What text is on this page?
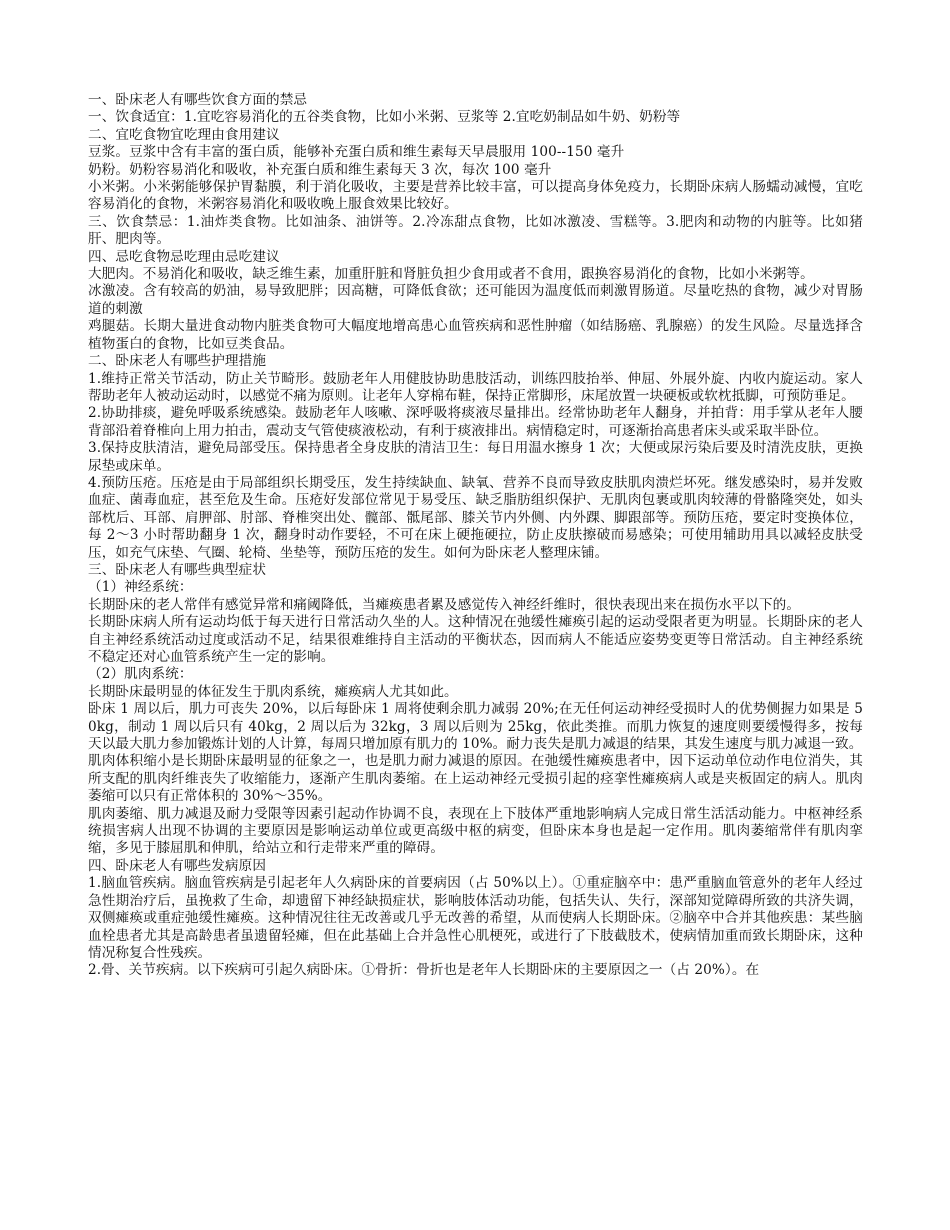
一、卧床老人有哪些饮食方面的禁忌

一、饮食适宜：1.宜吃容易消化的五谷类食物，比如小米粥、豆浆等 2.宜吃奶制品如牛奶、奶粉等

二、宜吃食物宜吃理由食用建议

豆浆。豆浆中含有丰富的蛋白质，能够补充蛋白质和维生素每天早晨服用 100--150 毫升

奶粉。奶粉容易消化和吸收，补充蛋白质和维生素每天 3 次，每次 100 毫升

小米粥。小米粥能够保护胃黏膜，利于消化吸收，主要是营养比较丰富，可以提高身体免疫力，长期卧床病人肠蠕动减慢，宜吃容易消化的食物，米粥容易消化和吸收晚上服食效果比较好。

三、饮食禁忌：1.油炸类食物。比如油条、油饼等。2.冷冻甜点食物，比如冰激凌、雪糕等。3.肥肉和动物的内脏等。比如猪肝、肥肉等。

四、忌吃食物忌吃理由忌吃建议

大肥肉。不易消化和吸收，缺乏维生素，加重肝脏和肾脏负担少食用或者不食用，跟换容易消化的食物，比如小米粥等。

冰激凌。含有较高的奶油，易导致肥胖；因高糖，可降低食欲；还可能因为温度低而刺激胃肠道。尽量吃热的食物，减少对胃肠道的刺激

鸡腿菇。长期大量进食动物内脏类食物可大幅度地增高患心血管疾病和恶性肿瘤（如结肠癌、乳腺癌）的发生风险。尽量选择含植物蛋白的食物，比如豆类食品。

二、卧床老人有哪些护理措施

1.维持正常关节活动，防止关节畸形。鼓励老年人用健肢协助患肢活动，训练四肢抬举、伸屈、外展外旋、内收内旋运动。家人帮助老年人被动运动时，以感觉不痛为原则。让老年人穿棉布鞋，保持正常脚形，床尾放置一块硬板或软枕抵脚，可预防垂足。

2.协助排痰，避免呼吸系统感染。鼓励老年人咳嗽、深呼吸将痰液尽量排出。经常协助老年人翻身，并拍背：用手掌从老年人腰背部沿着脊椎向上用力拍击，震动支气管使痰液松动，有利于痰液排出。病情稳定时，可逐渐抬高患者床头或采取半卧位。

3.保持皮肤清洁，避免局部受压。保持患者全身皮肤的清洁卫生：每日用温水擦身 1 次；大便或尿污染后要及时清洗皮肤，更换尿垫或床单。

4.预防压疮。压疮是由于局部组织长期受压，发生持续缺血、缺氧、营养不良而导致皮肤肌肉溃烂坏死。继发感染时，易并发败血症、菌毒血症，甚至危及生命。压疮好发部位常见于易受压、缺乏脂肪组织保护、无肌肉包裹或肌肉较薄的骨骼隆突处，如头部枕后、耳部、肩胛部、肘部、脊椎突出处、髋部、骶尾部、膝关节内外侧、内外踝、脚跟部等。预防压疮，要定时变换体位，每 2～3 小时帮助翻身 1 次，翻身时动作要轻，不可在床上硬拖硬拉，防止皮肤擦破而易感染；可使用辅助用具以减轻皮肤受压，如充气床垫、气圈、轮椅、坐垫等，预防压疮的发生。如何为卧床老人整理床铺。

三、卧床老人有哪些典型症状

（1）神经系统：

长期卧床的老人常伴有感觉异常和痛阈降低，当瘫痪患者累及感觉传入神经纤维时，很快表现出来在损伤水平以下的。

长期卧床病人所有运动均低于每天进行日常活动久坐的人。这种情况在弛缓性瘫痪引起的运动受限者更为明显。长期卧床的老人自主神经系统活动过度或活动不足，结果很难维持自主活动的平衡状态，因而病人不能适应姿势变更等日常活动。自主神经系统不稳定还对心血管系统产生一定的影响。

（2）肌肉系统：

长期卧床最明显的体征发生于肌肉系统，瘫痪病人尤其如此。

卧床 1 周以后，肌力可丧失 20%，以后每卧床 1 周将使剩余肌力减弱 20%;在无任何运动神经受损时人的优势侧握力如果是 50kg，制动 1 周以后只有 40kg，2 周以后为 32kg，3 周以后则为 25kg，依此类推。而肌力恢复的速度则要缓慢得多，按每天以最大肌力参加锻炼计划的人计算，每周只增加原有肌力的 10%。耐力丧失是肌力减退的结果，其发生速度与肌力减退一致。

肌肉体积缩小是长期卧床最明显的征象之一，也是肌力耐力减退的原因。在弛缓性瘫痪患者中，因下运动单位动作电位消失，其所支配的肌肉纤维丧失了收缩能力，逐渐产生肌肉萎缩。在上运动神经元受损引起的痉挛性瘫痪病人或是夹板固定的病人。肌肉萎缩可以只有正常体积的 30%～35%。

肌肉萎缩、肌力减退及耐力受限等因素引起动作协调不良，表现在上下肢体严重地影响病人完成日常生活活动能力。中枢神经系统损害病人出现不协调的主要原因是影响运动单位或更高级中枢的病变，但卧床本身也是起一定作用。肌肉萎缩常伴有肌肉挛缩，多见于膝屈肌和伸肌，给站立和行走带来严重的障碍。

四、卧床老人有哪些发病原因

1.脑血管疾病。脑血管疾病是引起老年人久病卧床的首要病因（占 50%以上）。①重症脑卒中：患严重脑血管意外的老年人经过急性期治疗后，虽挽救了生命，却遗留下神经缺损症状，影响肢体活动功能，包括失认、失行，深部知觉障碍所致的共济失调，双侧瘫痪或重症弛缓性瘫痪。这种情况往往无改善或几乎无改善的希望，从而使病人长期卧床。②脑卒中合并其他疾患：某些脑血栓患者尤其是高龄患者虽遗留轻瘫，但在此基础上合并急性心肌梗死，或进行了下肢截肢术，使病情加重而致长期卧床，这种情况称复合性残疾。

2.骨、关节疾病。以下疾病可引起久病卧床。①骨折：骨折也是老年人长期卧床的主要原因之一（占 20%）。在
